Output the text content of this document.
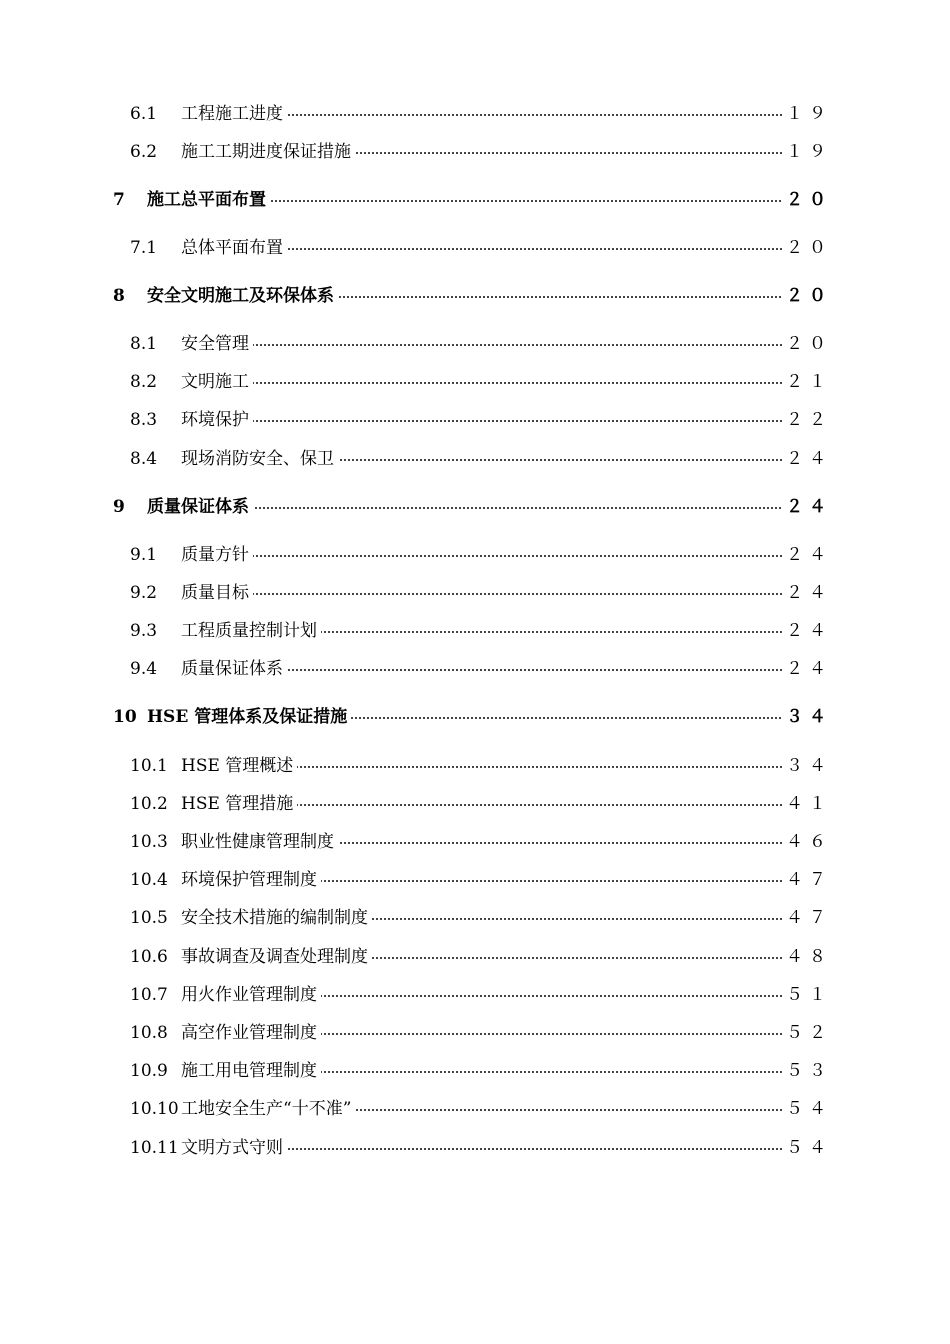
6.1 工程施工进度	１９
6.2 施工工期进度保证措施	１９
7 施工总平面布置	２０
7.1 总体平面布置	２０
8 安全文明施工及环保体系	２０
8.1 安全管理	２０
8.2 文明施工	２１
8.3 环境保护	２２
8.4 现场消防安全、保卫	２４
9 质量保证体系	２４
9.1 质量方针	２４
9.2 质量目标	２４
9.3 工程质量控制计划	２４
9.4 质量保证体系	２４
10 HSE 管理体系及保证措施	３４
10.1 HSE 管理概述	３４
10.2 HSE 管理措施	４１
10.3 职业性健康管理制度	４６
10.4 环境保护管理制度	４７
10.5 安全技术措施的编制制度	４７
10.6 事故调查及调查处理制度	４８
10.7 用火作业管理制度	５１
10.8 高空作业管理制度	５２
10.9 施工用电管理制度	５３
10.10 工地安全生产“十不准”	５４
10.11 文明方式守则	５４
